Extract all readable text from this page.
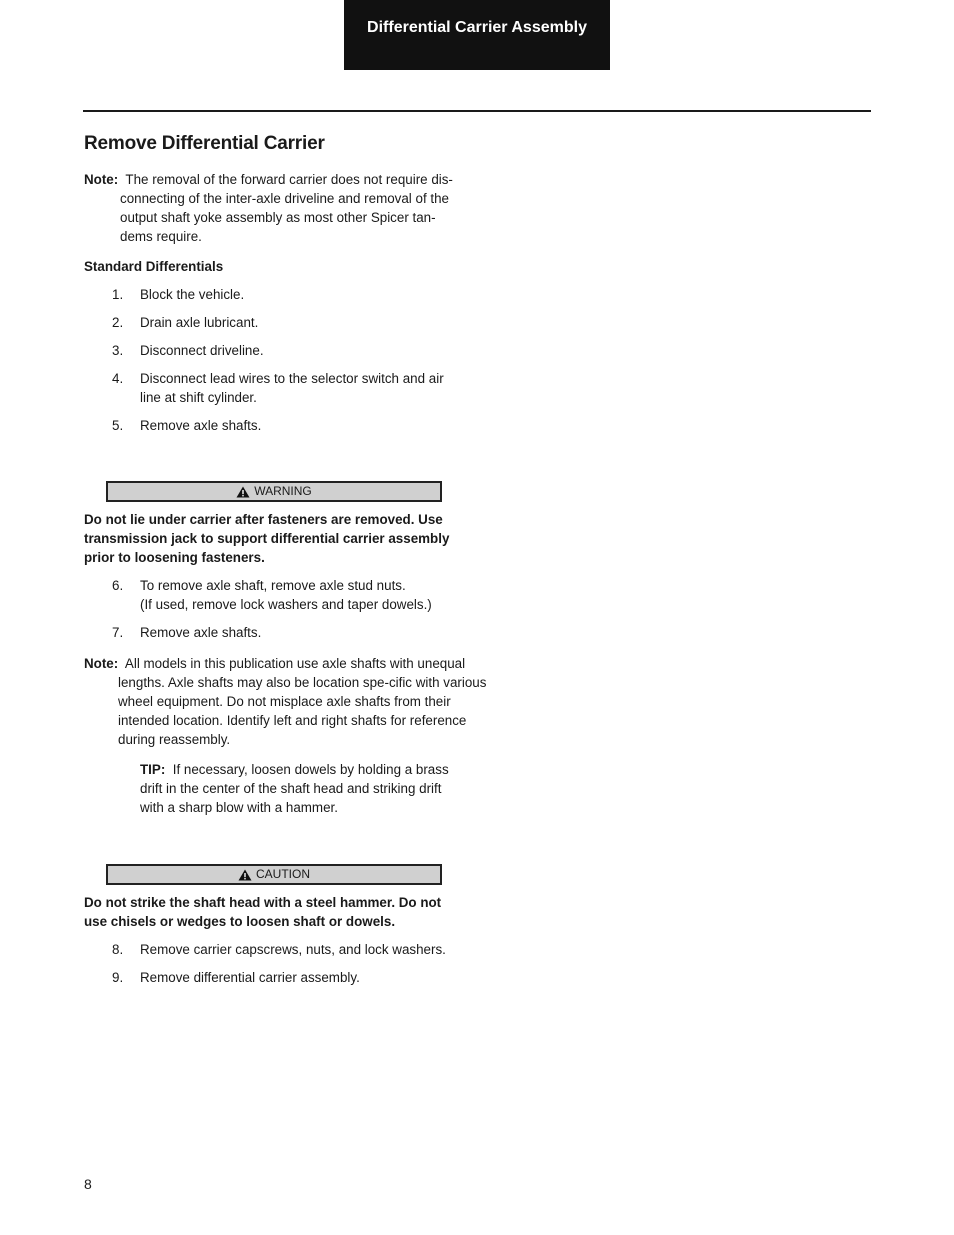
Differential Carrier Assembly
Remove Differential Carrier

Note: The removal of the forward carrier does not require dis-connecting of the inter-axle driveline and removal of the output shaft yoke assembly as most other Spicer tan-dems require.

Standard Differentials

1.	Block the vehicle.
2.	Drain axle lubricant.
3.	Disconnect driveline.
4.	Disconnect lead wires to the selector switch and air line at shift cylinder.
5.	Remove axle shafts.
WARNING

Do not lie under carrier after fasteners are removed. Use transmission jack to support differential carrier assembly prior to loosening fasteners.

6.	To remove axle shaft, remove axle stud nuts.
(If used, remove lock washers and taper dowels.)
7.	Remove axle shafts.

Note: All models in this publication use axle shafts with unequal lengths. Axle shafts may also be location spe-cific with various wheel equipment. Do not misplace axle shafts from their intended location. Identify left and right shafts for reference during reassembly.

TIP: If necessary, loosen dowels by holding a brass drift in the center of the shaft head and striking drift with a sharp blow with a hammer.

CAUTION

Do not strike the shaft head with a steel hammer. Do not use chisels or wedges to loosen shaft or dowels.

8.	Remove carrier capscrews, nuts, and lock washers.
9.	Remove differential carrier assembly.
8
